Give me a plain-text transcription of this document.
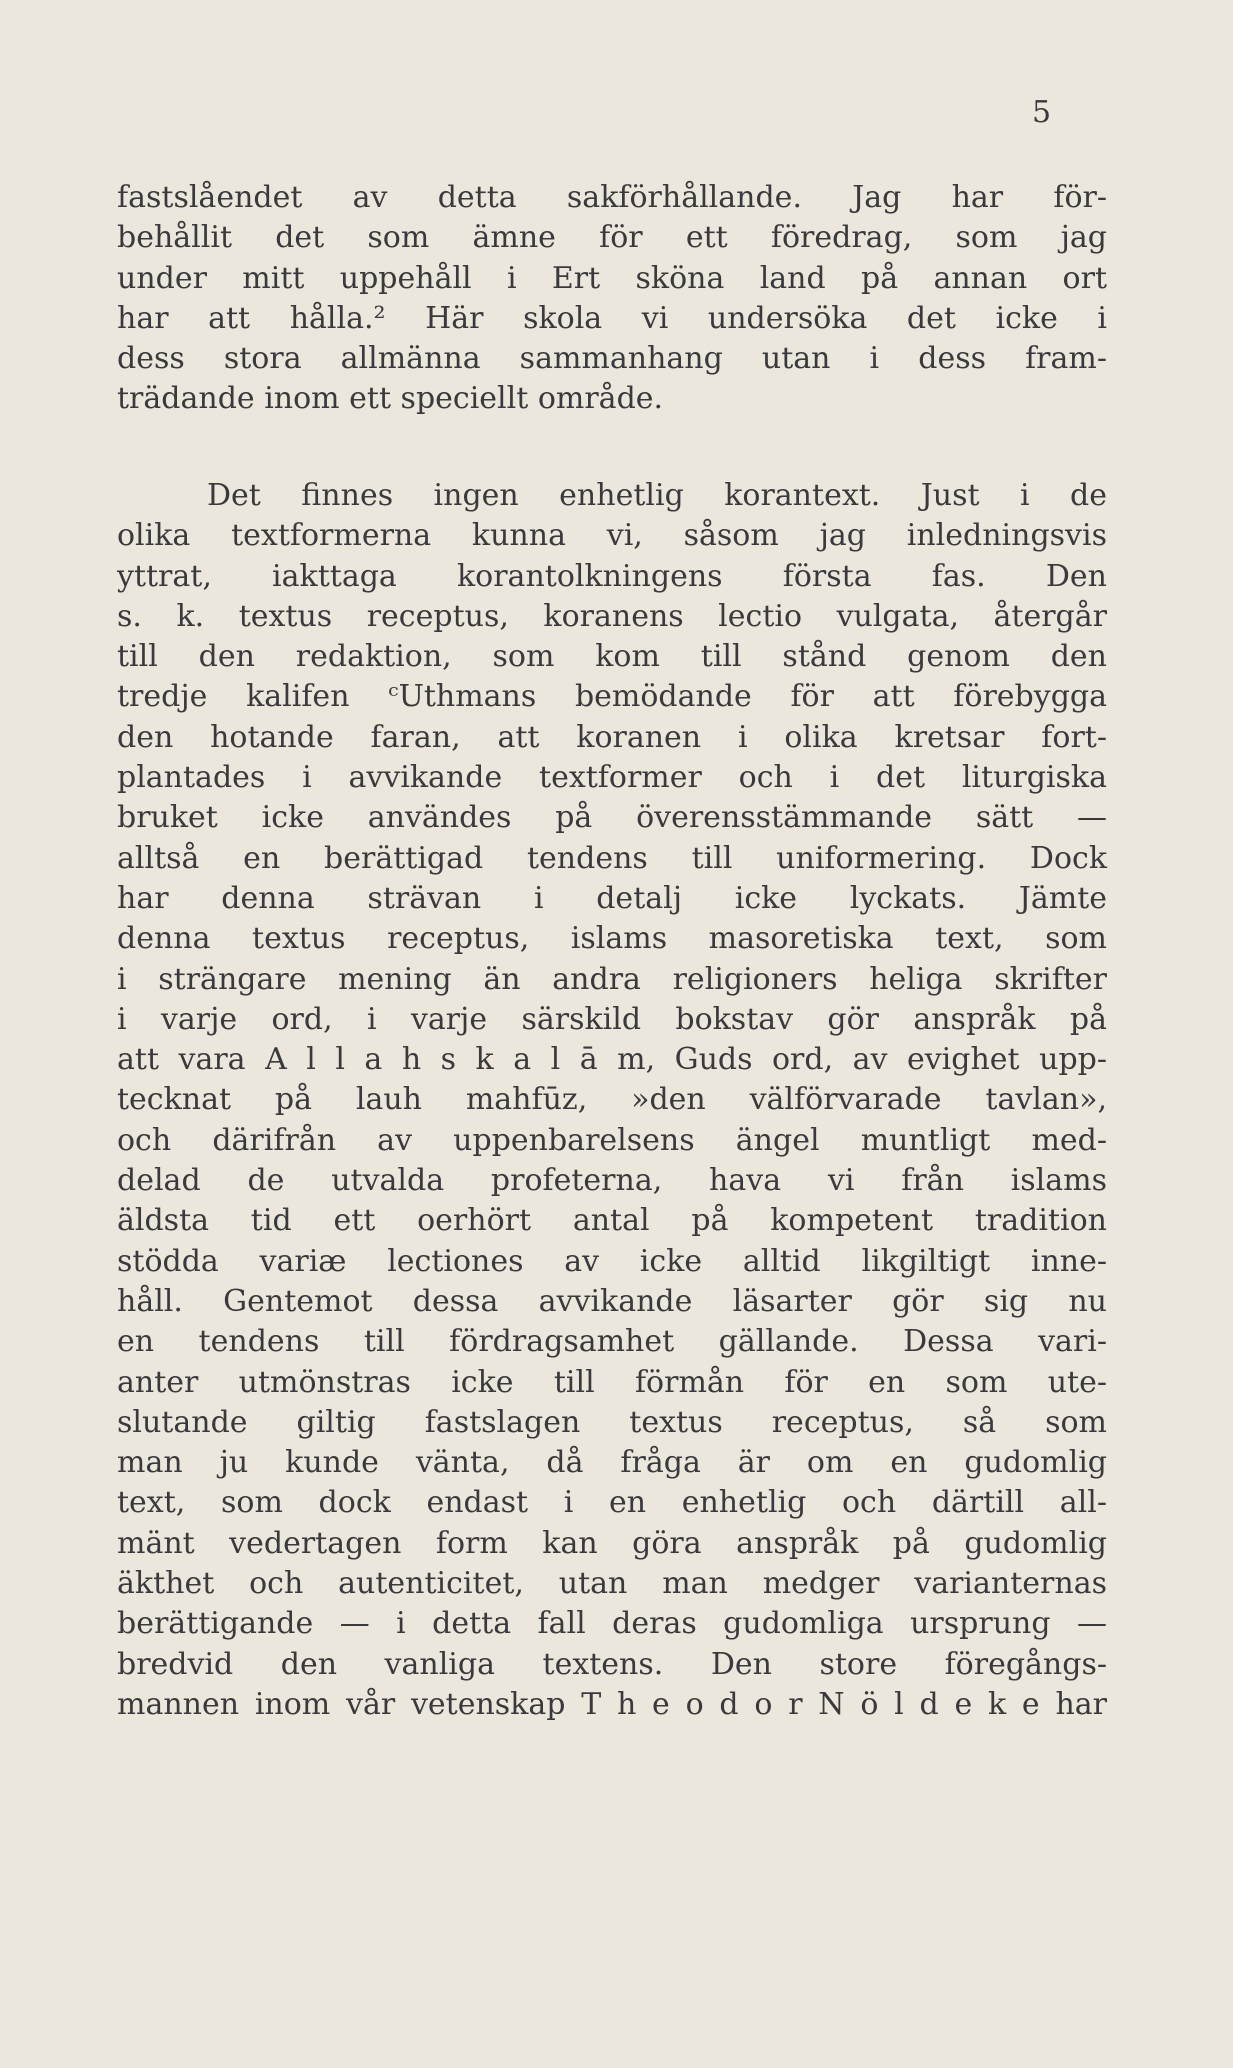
5
fastslåendet av detta sakförhållande. Jag har för-
behållit det som ämne för ett föredrag, som jag
under mitt uppehåll i Ert sköna land på annan ort
har att hålla.² Här skola vi undersöka det icke i
dess stora allmänna sammanhang utan i dess fram-
trädande inom ett speciellt område.
Det finnes ingen enhetlig korantext. Just i de
olika textformerna kunna vi, såsom jag inledningsvis
yttrat, iakttaga korantolkningens första fas. Den
s. k. textus receptus, koranens lectio vulgata, återgår
till den redaktion, som kom till stånd genom den
tredje kalifen ᶜUthmans bemödande för att förebygga
den hotande faran, att koranen i olika kretsar fort-
plantades i avvikande textformer och i det liturgiska
bruket icke användes på överensstämmande sätt —
alltså en berättigad tendens till uniformering. Dock
har denna strävan i detalj icke lyckats. Jämte
denna textus receptus, islams masoretiska text, som
i strängare mening än andra religioners heliga skrifter
i varje ord, i varje särskild bokstav gör anspråk på
att vara A l l a h s k a l ā m, Guds ord, av evighet upp-
tecknat på lauh mahfūz, »den välförvarade tavlan»,
och därifrån av uppenbarelsens ängel muntligt med-
delad de utvalda profeterna, hava vi från islams
äldsta tid ett oerhört antal på kompetent tradition
stödda variæ lectiones av icke alltid likgiltigt inne-
håll. Gentemot dessa avvikande läsarter gör sig nu
en tendens till fördragsamhet gällande. Dessa vari-
anter utmönstras icke till förmån för en som ute-
slutande giltig fastslagen textus receptus, så som
man ju kunde vänta, då fråga är om en gudomlig
text, som dock endast i en enhetlig och därtill all-
mänt vedertagen form kan göra anspråk på gudomlig
äkthet och autenticitet, utan man medger varianternas
berättigande — i detta fall deras gudomliga ursprung —
bredvid den vanliga textens. Den store föregångs-
mannen inom vår vetenskap T h e o d o r N ö l d e k e har
